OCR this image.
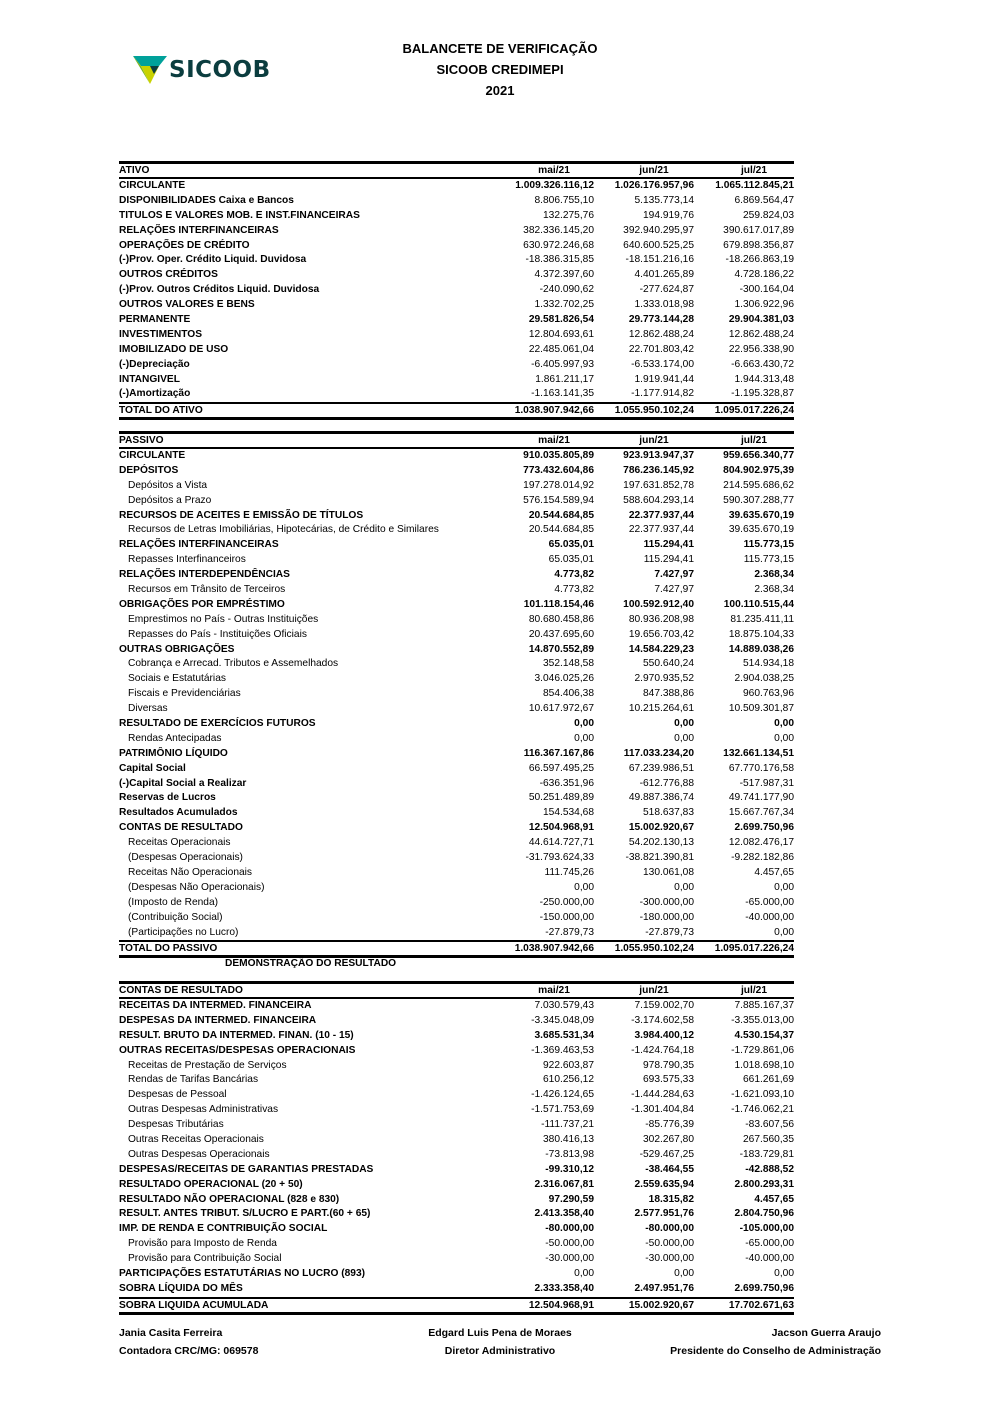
SICOOB
BALANCETE DE VERIFICAÇÃO
SICOOB CREDIMEPI
2021
ATIVO	mai/21	jun/21	jul/21
CIRCULANTE	1.009.326.116,12	1.026.176.957,96	1.065.112.845,21
DISPONIBILIDADES Caixa e Bancos	8.806.755,10	5.135.773,14	6.869.564,47
TITULOS E VALORES MOB. E INST.FINANCEIRAS	132.275,76	194.919,76	259.824,03
RELAÇÕES INTERFINANCEIRAS	382.336.145,20	392.940.295,97	390.617.017,89
OPERAÇÕES DE CRÉDITO	630.972.246,68	640.600.525,25	679.898.356,87
(-)Prov. Oper. Crédito Liquid. Duvidosa	-18.386.315,85	-18.151.216,16	-18.266.863,19
OUTROS CRÉDITOS	4.372.397,60	4.401.265,89	4.728.186,22
(-)Prov. Outros Créditos Liquid. Duvidosa	-240.090,62	-277.624,87	-300.164,04
OUTROS VALORES E BENS	1.332.702,25	1.333.018,98	1.306.922,96
PERMANENTE	29.581.826,54	29.773.144,28	29.904.381,03
INVESTIMENTOS	12.804.693,61	12.862.488,24	12.862.488,24
IMOBILIZADO DE USO	22.485.061,04	22.701.803,42	22.956.338,90
(-)Depreciação	-6.405.997,93	-6.533.174,00	-6.663.430,72
INTANGIVEL	1.861.211,17	1.919.941,44	1.944.313,48
(-)Amortização	-1.163.141,35	-1.177.914,82	-1.195.328,87
TOTAL DO ATIVO	1.038.907.942,66	1.055.950.102,24	1.095.017.226,24
PASSIVO	mai/21	jun/21	jul/21
CIRCULANTE	910.035.805,89	923.913.947,37	959.656.340,77
DEPÓSITOS	773.432.604,86	786.236.145,92	804.902.975,39
Depósitos a Vista	197.278.014,92	197.631.852,78	214.595.686,62
Depósitos a Prazo	576.154.589,94	588.604.293,14	590.307.288,77
RECURSOS DE ACEITES E EMISSÃO DE TÍTULOS	20.544.684,85	22.377.937,44	39.635.670,19
Recursos de Letras Imobiliárias, Hipotecárias, de Crédito e Similares	20.544.684,85	22.377.937,44	39.635.670,19
RELAÇÕES INTERFINANCEIRAS	65.035,01	115.294,41	115.773,15
Repasses Interfinanceiros	65.035,01	115.294,41	115.773,15
RELAÇÕES INTERDEPENDÊNCIAS	4.773,82	7.427,97	2.368,34
Recursos em Trânsito de Terceiros	4.773,82	7.427,97	2.368,34
OBRIGAÇÕES POR EMPRÉSTIMO	101.118.154,46	100.592.912,40	100.110.515,44
Emprestimos no País - Outras Instituições	80.680.458,86	80.936.208,98	81.235.411,11
Repasses do País - Instituições Oficiais	20.437.695,60	19.656.703,42	18.875.104,33
OUTRAS OBRIGAÇÕES	14.870.552,89	14.584.229,23	14.889.038,26
Cobrança e Arrecad. Tributos e Assemelhados	352.148,58	550.640,24	514.934,18
Sociais e Estatutárias	3.046.025,26	2.970.935,52	2.904.038,25
Fiscais e Previdenciárias	854.406,38	847.388,86	960.763,96
Diversas	10.617.972,67	10.215.264,61	10.509.301,87
RESULTADO DE EXERCÍCIOS FUTUROS	0,00	0,00	0,00
Rendas Antecipadas	0,00	0,00	0,00
PATRIMÔNIO LÍQUIDO	116.367.167,86	117.033.234,20	132.661.134,51
Capital Social	66.597.495,25	67.239.986,51	67.770.176,58
(-)Capital Social a Realizar	-636.351,96	-612.776,88	-517.987,31
Reservas de Lucros	50.251.489,89	49.887.386,74	49.741.177,90
Resultados Acumulados	154.534,68	518.637,83	15.667.767,34
CONTAS DE RESULTADO	12.504.968,91	15.002.920,67	2.699.750,96
Receitas Operacionais	44.614.727,71	54.202.130,13	12.082.476,17
(Despesas Operacionais)	-31.793.624,33	-38.821.390,81	-9.282.182,86
Receitas Não Operacionais	111.745,26	130.061,08	4.457,65
(Despesas Não Operacionais)	0,00	0,00	0,00
(Imposto de Renda)	-250.000,00	-300.000,00	-65.000,00
(Contribuição Social)	-150.000,00	-180.000,00	-40.000,00
(Participações no Lucro)	-27.879,73	-27.879,73	0,00
TOTAL DO PASSIVO	1.038.907.942,66	1.055.950.102,24	1.095.017.226,24
DEMONSTRAÇÃO DO RESULTADO
CONTAS DE RESULTADO	mai/21	jun/21	jul/21
RECEITAS DA INTERMED. FINANCEIRA	7.030.579,43	7.159.002,70	7.885.167,37
DESPESAS DA INTERMED. FINANCEIRA	-3.345.048,09	-3.174.602,58	-3.355.013,00
RESULT. BRUTO DA INTERMED. FINAN. (10 - 15)	3.685.531,34	3.984.400,12	4.530.154,37
OUTRAS RECEITAS/DESPESAS OPERACIONAIS	-1.369.463,53	-1.424.764,18	-1.729.861,06
Receitas de Prestação de Serviços	922.603,87	978.790,35	1.018.698,10
Rendas de Tarifas Bancárias	610.256,12	693.575,33	661.261,69
Despesas de Pessoal	-1.426.124,65	-1.444.284,63	-1.621.093,10
Outras Despesas Administrativas	-1.571.753,69	-1.301.404,84	-1.746.062,21
Despesas Tributárias	-111.737,21	-85.776,39	-83.607,56
Outras Receitas Operacionais	380.416,13	302.267,80	267.560,35
Outras Despesas Operacionais	-73.813,98	-529.467,25	-183.729,81
DESPESAS/RECEITAS DE GARANTIAS PRESTADAS	-99.310,12	-38.464,55	-42.888,52
RESULTADO OPERACIONAL (20 + 50)	2.316.067,81	2.559.635,94	2.800.293,31
RESULTADO NÃO OPERACIONAL (828 e 830)	97.290,59	18.315,82	4.457,65
RESULT. ANTES TRIBUT. S/LUCRO E PART.(60 + 65)	2.413.358,40	2.577.951,76	2.804.750,96
IMP. DE RENDA E CONTRIBUIÇÃO SOCIAL	-80.000,00	-80.000,00	-105.000,00
Provisão para Imposto de Renda	-50.000,00	-50.000,00	-65.000,00
Provisão para Contribuição Social	-30.000,00	-30.000,00	-40.000,00
PARTICIPAÇÕES ESTATUTÁRIAS NO LUCRO (893)	0,00	0,00	0,00
SOBRA LÍQUIDA DO MÊS	2.333.358,40	2.497.951,76	2.699.750,96
SOBRA LIQUIDA ACUMULADA	12.504.968,91	15.002.920,67	17.702.671,63
Jania Casita Ferreira
Contadora CRC/MG: 069578
Edgard Luis Pena de Moraes
Diretor Administrativo
Jacson Guerra Araujo
Presidente do Conselho de Administração
